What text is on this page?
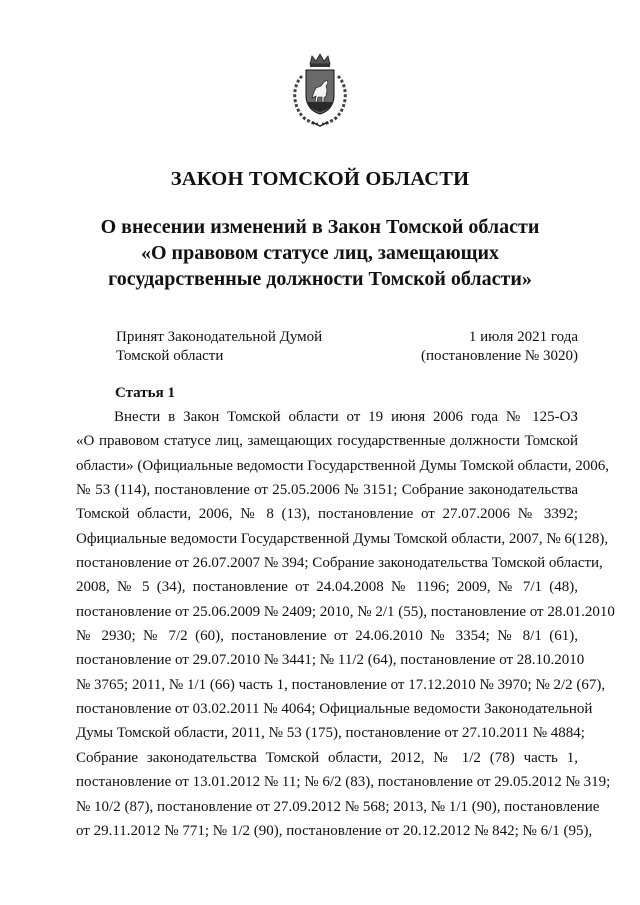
ЗАКОН ТОМСКОЙ ОБЛАСТИ
О внесении изменений в Закон Томской области
«О правовом статусе лиц, замещающих
государственные должности Томской области»
Принят Законодательной Думой
Томской области
1 июля 2021 года
(постановление № 3020)
Статья 1
Внести в Закон Томской области от 19 июня 2006 года № 125-ОЗ
«О правовом статусе лиц, замещающих государственные должности Томской
области» (Официальные ведомости Государственной Думы Томской области, 2006,
№ 53 (114), постановление от 25.05.2006 № 3151; Собрание законодательства
Томской области, 2006, № 8 (13), постановление от 27.07.2006 № 3392;
Официальные ведомости Государственной Думы Томской области, 2007, № 6(128),
постановление от 26.07.2007 № 394; Собрание законодательства Томской области,
2008, № 5 (34), постановление от 24.04.2008 № 1196; 2009, № 7/1 (48),
постановление от 25.06.2009 № 2409; 2010, № 2/1 (55), постановление от 28.01.2010
№ 2930; № 7/2 (60), постановление от 24.06.2010 № 3354; № 8/1 (61),
постановление от 29.07.2010 № 3441; № 11/2 (64), постановление от 28.10.2010
№ 3765; 2011, № 1/1 (66) часть 1, постановление от 17.12.2010 № 3970; № 2/2 (67),
постановление от 03.02.2011 № 4064; Официальные ведомости Законодательной
Думы Томской области, 2011, № 53 (175), постановление от 27.10.2011 № 4884;
Собрание законодательства Томской области, 2012, № 1/2 (78) часть 1,
постановление от 13.01.2012 № 11; № 6/2 (83), постановление от 29.05.2012 № 319;
№ 10/2 (87), постановление от 27.09.2012 № 568; 2013, № 1/1 (90), постановление
от 29.11.2012 № 771; № 1/2 (90), постановление от 20.12.2012 № 842; № 6/1 (95),
